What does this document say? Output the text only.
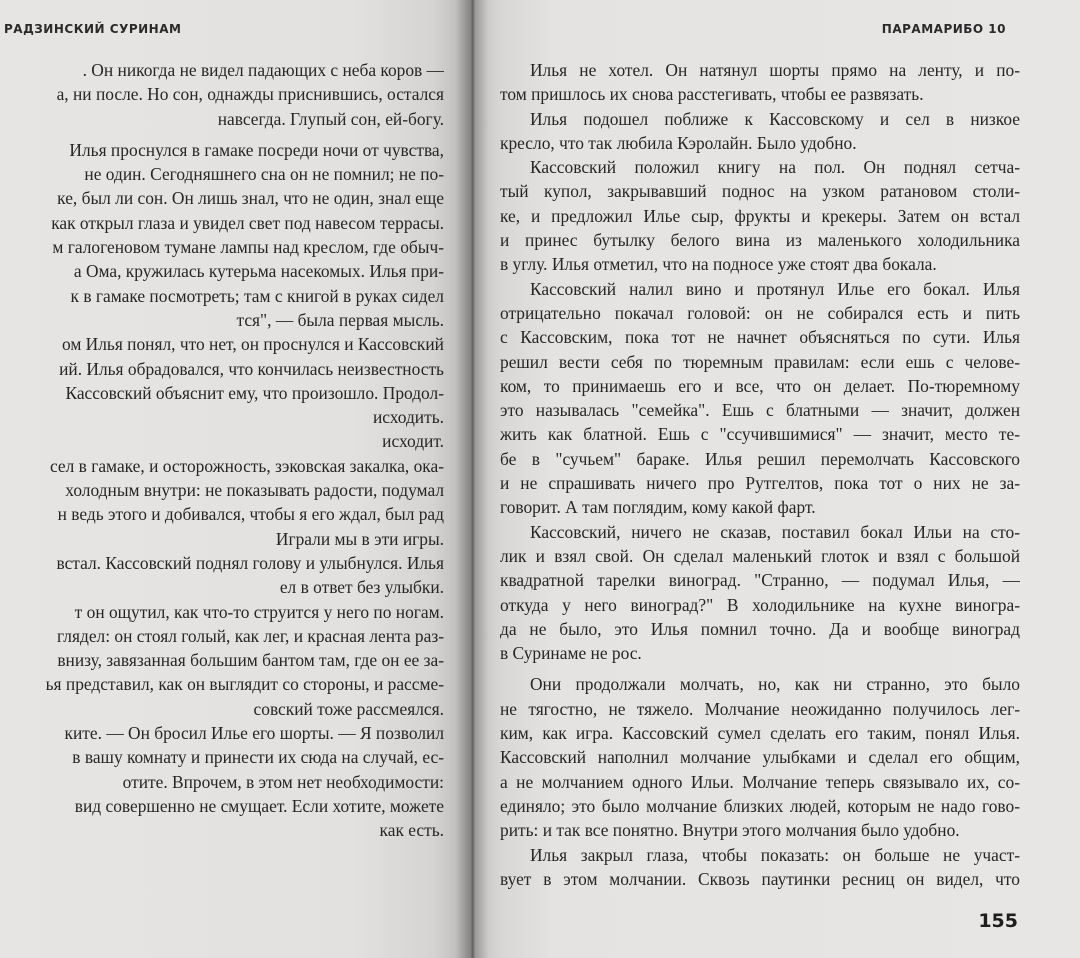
РАДЗИНСКИЙ СУРИНАМ
. Он никогда не видел падающих с неба коров —
а, ни после. Но сон, однажды приснившись, остался
навсегда. Глупый сон, ей-богу.
Илья проснулся в гамаке посреди ночи от чувства,
не один. Сегодняшнего сна он не помнил; не по-
ке, был ли сон. Он лишь знал, что не один, знал еще
как открыл глаза и увидел свет под навесом террасы.
м галогеновом тумане лампы над креслом, где обыч-
а Ома, кружилась кутерьма насекомых. Илья при-
к в гамаке посмотреть; там с книгой в руках сидел
тся", — была первая мысль.
ом Илья понял, что нет, он проснулся и Кассовский
ий. Илья обрадовался, что кончилась неизвестность
Кассовский объяснит ему, что произошло. Продол-
исходить.
исходит.
сел в гамаке, и осторожность, зэковская закалка, ока-
холодным внутри: не показывать радости, подумал
н ведь этого и добивался, чтобы я его ждал, был рад
Играли мы в эти игры.
встал. Кассовский поднял голову и улыбнулся. Илья
ел в ответ без улыбки.
т он ощутил, как что-то струится у него по ногам.
глядел: он стоял голый, как лег, и красная лента раз-
внизу, завязанная большим бантом там, где он ее за-
ья представил, как он выглядит со стороны, и рассме-
совский тоже рассмеялся.
ките. — Он бросил Илье его шорты. — Я позволил
в вашу комнату и принести их сюда на случай, ес-
отите. Впрочем, в этом нет необходимости:
вид совершенно не смущает. Если хотите, можете
как есть.
ПАРАМАРИБО 10
Илья не хотел. Он натянул шорты прямо на ленту, и по-
том пришлось их снова расстегивать, чтобы ее развязать.
Илья подошел поближе к Кассовскому и сел в низкое
кресло, что так любила Кэролайн. Было удобно.
Кассовский положил книгу на пол. Он поднял сетча-
тый купол, закрывавший поднос на узком ратановом столи-
ке, и предложил Илье сыр, фрукты и крекеры. Затем он встал
и принес бутылку белого вина из маленького холодильника
в углу. Илья отметил, что на подносе уже стоят два бокала.
Кассовский налил вино и протянул Илье его бокал. Илья
отрицательно покачал головой: он не собирался есть и пить
с Кассовским, пока тот не начнет объясняться по сути. Илья
решил вести себя по тюремным правилам: если ешь с челове-
ком, то принимаешь его и все, что он делает. По-тюремному
это называлась "семейка". Ешь с блатными — значит, должен
жить как блатной. Ешь с "ссучившимися" — значит, место те-
бе в "сучьем" бараке. Илья решил перемолчать Кассовского
и не спрашивать ничего про Рутгелтов, пока тот о них не за-
говорит. А там поглядим, кому какой фарт.
Кассовский, ничего не сказав, поставил бокал Ильи на сто-
лик и взял свой. Он сделал маленький глоток и взял с большой
квадратной тарелки виноград. "Странно, — подумал Илья, —
откуда у него виноград?" В холодильнике на кухне виногра-
да не было, это Илья помнил точно. Да и вообще виноград
в Суринаме не рос.
Они продолжали молчать, но, как ни странно, это было
не тягостно, не тяжело. Молчание неожиданно получилось лег-
ким, как игра. Кассовский сумел сделать его таким, понял Илья.
Кассовский наполнил молчание улыбками и сделал его общим,
а не молчанием одного Ильи. Молчание теперь связывало их, со-
единяло; это было молчание близких людей, которым не надо гово-
рить: и так все понятно. Внутри этого молчания было удобно.
Илья закрыл глаза, чтобы показать: он больше не участ-
вует в этом молчании. Сквозь паутинки ресниц он видел, что
155
